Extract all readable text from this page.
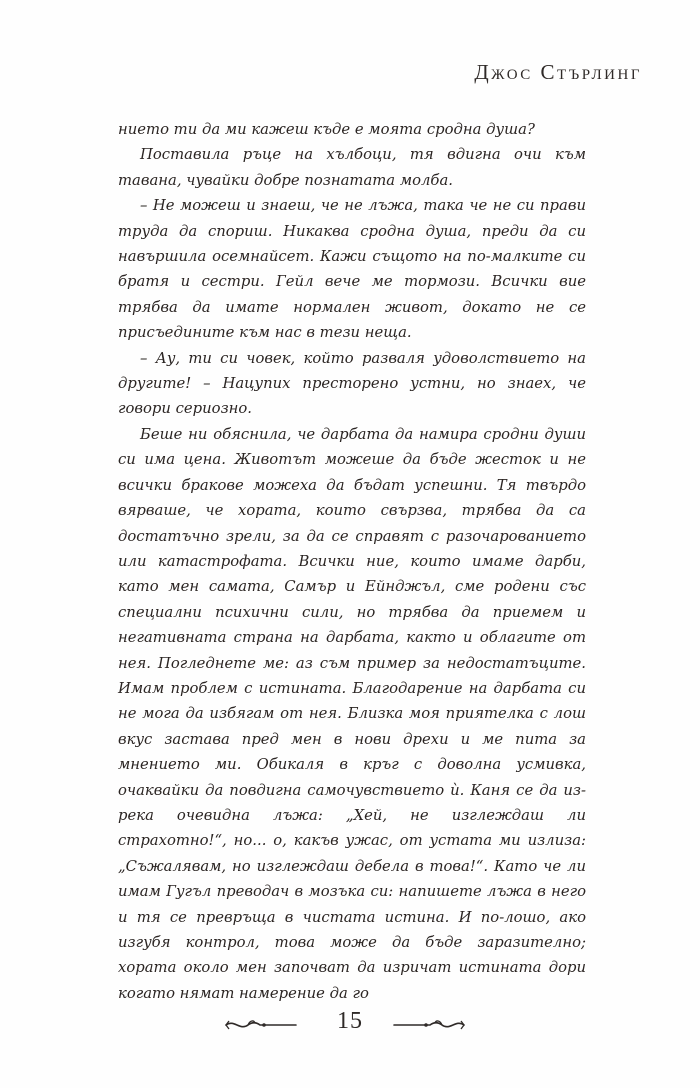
Джос Стърлинг

нието ти да ми кажеш къде е моята сродна душа?

Поставила ръце на хълбоци, тя вдигна очи към тавана, чувайки добре познатата молба.

– Не можеш и знаеш, че не лъжа, така че не си прави труда да спориш. Никаква сродна душа, преди да си навършила осемнайсет. Кажи същото на по-малките си братя и сестри. Гейл вече ме тормози. Всички вие трябва да имате нормален живот, докато не се присъедините към нас в тези неща.

– Ау, ти си човек, който разваля удоволствието на другите! – Нацупих престорено устни, но знаех, че говори сериозно.

Беше ни обяснила, че дарбата да намира сродни души си има цена. Животът можеше да бъде жесток и не всички бракове можеха да бъдат успешни. Тя твърдо вярваше, че хората, които свързва, трябва да са достатъчно зрели, за да се справят с разочарованието или катастрофата. Всички ние, които имаме дарби, като мен самата, Самър и Ейнджъл, сме родени със специални психични сили, но трябва да приемем и негативната страна на дарбата, както и облагите от нея. Погледнете ме: аз съм пример за недостатъците. Имам проблем с истината. Благодарение на дарбата си не мога да избягам от нея. Близка моя приятелка с лош вкус застава пред мен в нови дрехи и ме пита за мнението ми. Обикаля в кръг с доволна усмивка, очаквайки да повдигна самочувствието ѝ. Каня се да изрека очевидна лъжа: „Хей, не изглеждаш ли страхотно!“, но... о, какъв ужас, от устата ми излиза: „Съжалявам, но изглеждаш дебела в това!“. Като че ли имам Гугъл преводач в мозъка си: напишете лъжа в него и тя се превръща в чистата истина. И по-лошо, ако изгубя контрол, това може да бъде заразително; хората около мен започват да изричат истината дори когато нямат намерение да го

15
